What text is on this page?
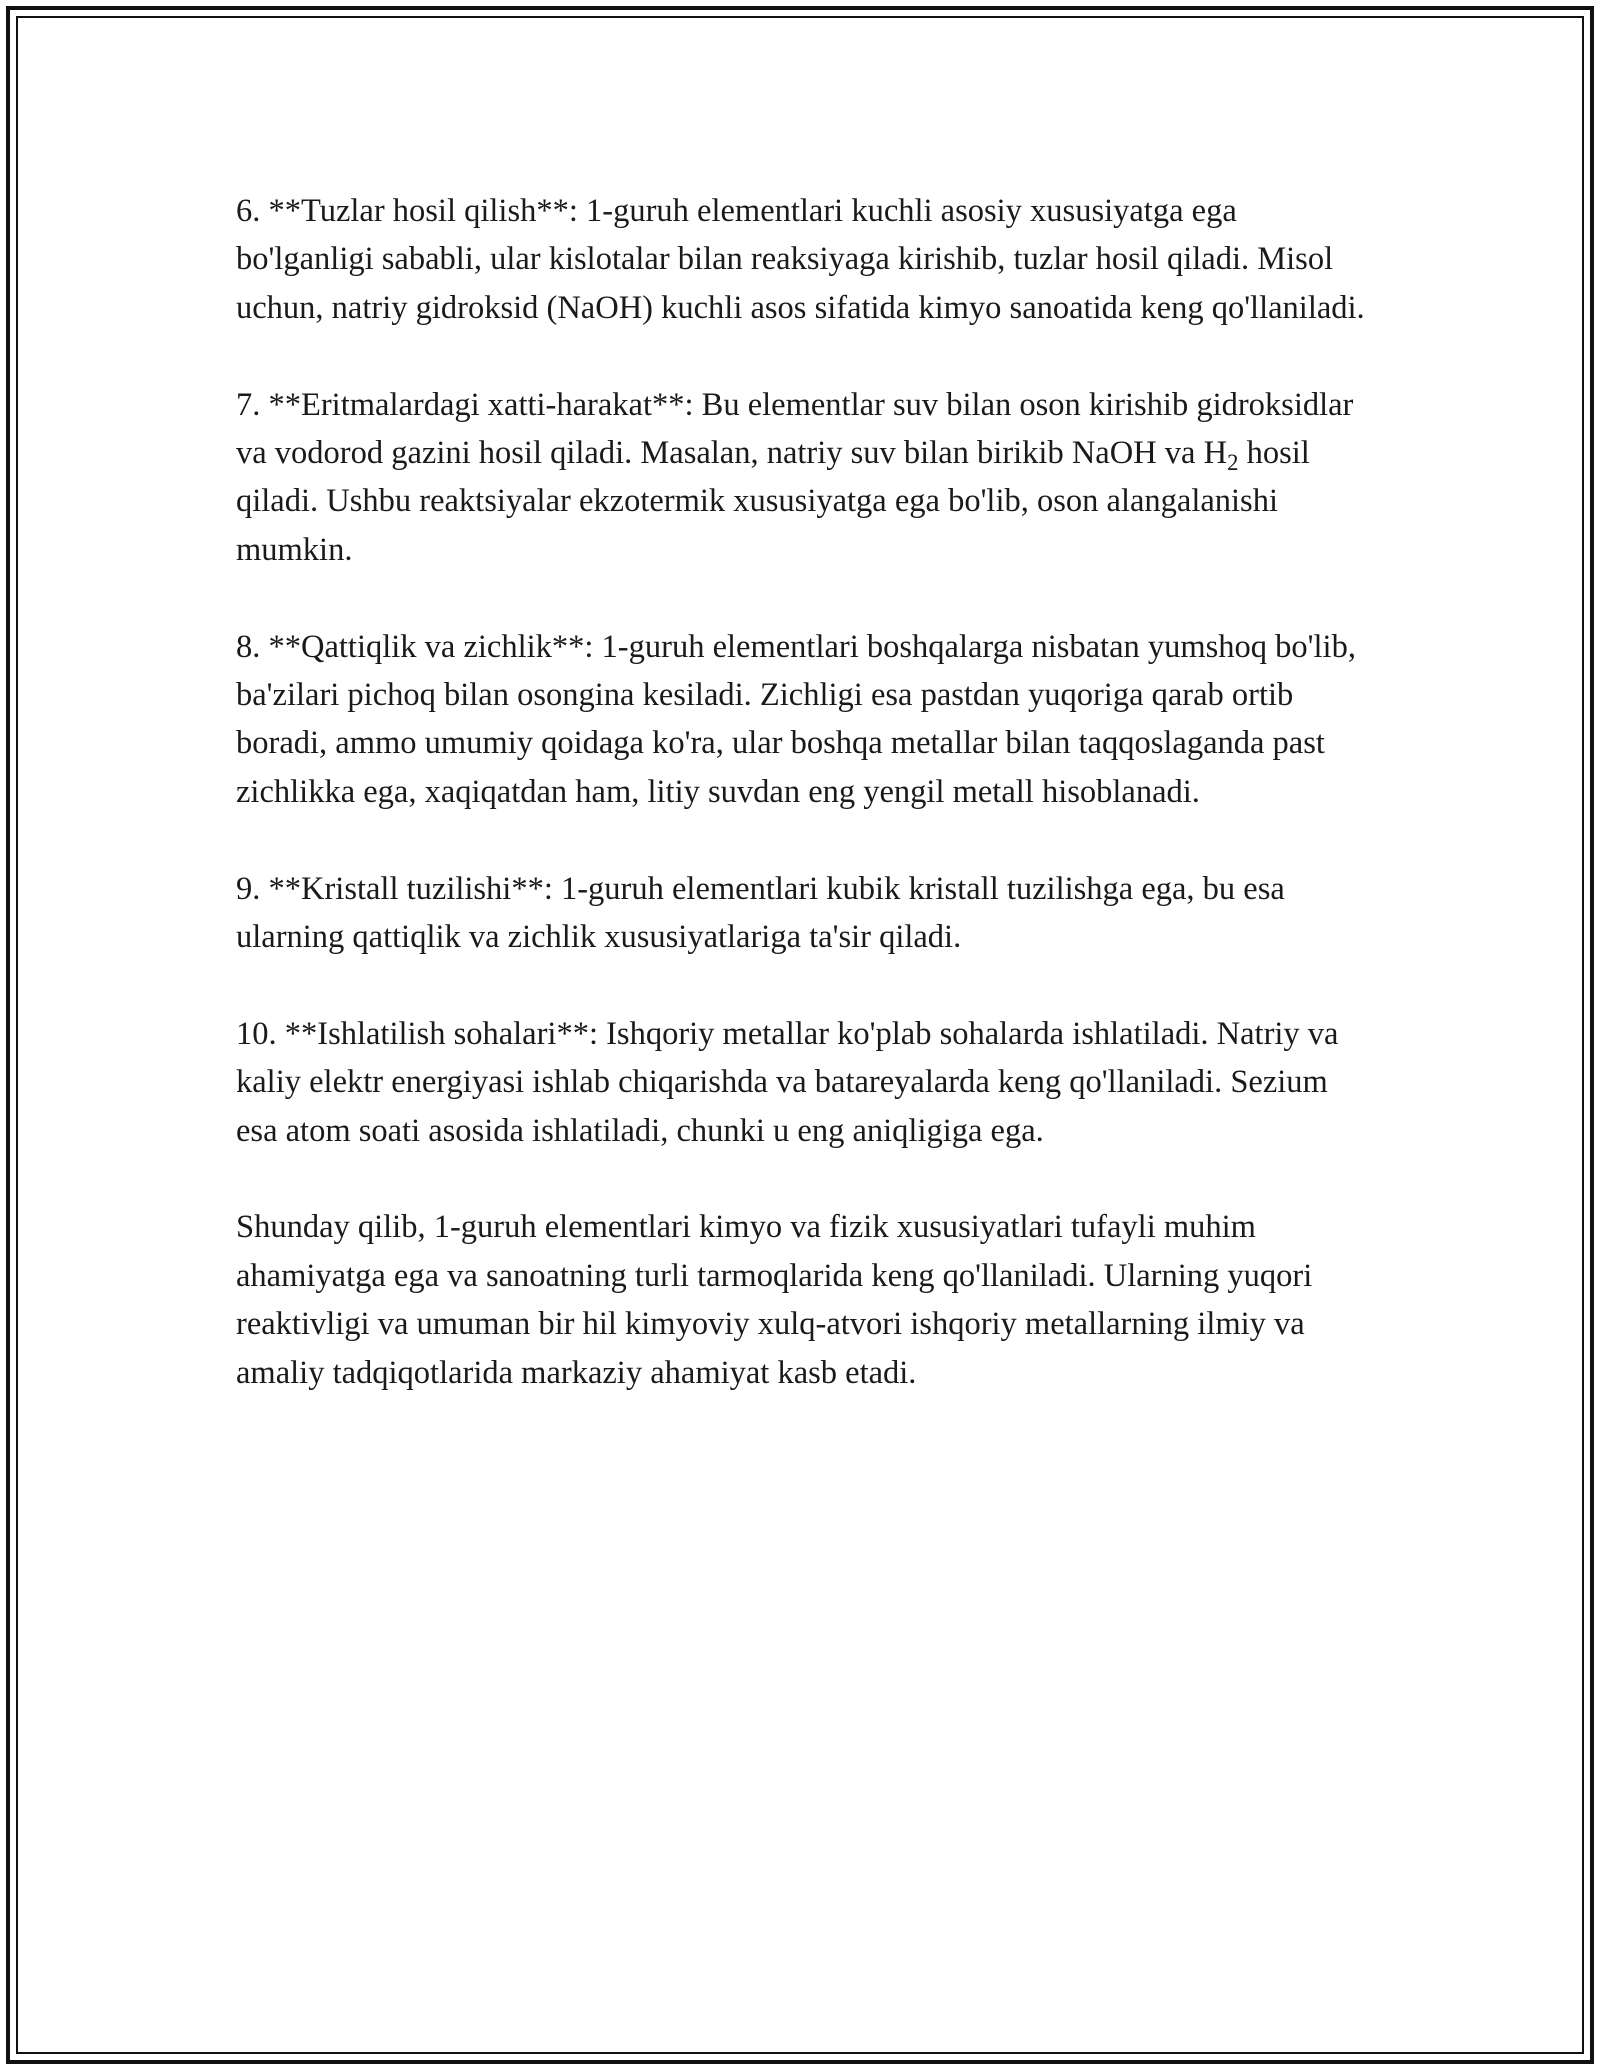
6. **Tuzlar hosil qilish**: 1-guruh elementlari kuchli asosiy xususiyatga ega bo'lganligi sababli, ular kislotalar bilan reaksiyaga kirishib, tuzlar hosil qiladi. Misol uchun, natriy gidroksid (NaOH) kuchli asos sifatida kimyo sanoatida keng qo'llaniladi.

7. **Eritmalardagi xatti-harakat**: Bu elementlar suv bilan oson kirishib gidroksidlar va vodorod gazini hosil qiladi. Masalan, natriy suv bilan birikib NaOH va $H_2$ hosil qiladi. Ushbu reaktsiyalar ekzotermik xususiyatga ega bo'lib, oson alangalanishi mumkin.

8. **Qattiqlik va zichlik**: 1-guruh elementlari boshqalarga nisbatan yumshoq bo'lib, ba'zilari pichoq bilan osongina kesiladi. Zichligi esa pastdan yuqoriga qarab ortib boradi, ammo umumiy qoidaga ko'ra, ular boshqa metallar bilan taqqoslaganda past zichlikka ega, xaqiqatdan ham, litiy suvdan eng yengil metall hisoblanadi.

9. **Kristall tuzilishi**: 1-guruh elementlari kubik kristall tuzilishga ega, bu esa ularning qattiqlik va zichlik xususiyatlariga ta'sir qiladi.

10. **Ishlatilish sohalari**: Ishqoriy metallar ko'plab sohalarda ishlatiladi. Natriy va kaliy elektr energiyasi ishlab chiqarishda va batareyalarda keng qo'llaniladi. Sezium esa atom soati asosida ishlatiladi, chunki u eng aniqligiga ega.

Shunday qilib, 1-guruh elementlari kimyo va fizik xususiyatlari tufayli muhim ahamiyatga ega va sanoatning turli tarmoqlarida keng qo'llaniladi. Ularning yuqori reaktivligi va umuman bir hil kimyoviy xulq-atvori ishqoriy metallarning ilmiy va amaliy tadqiqotlarida markaziy ahamiyat kasb etadi.
